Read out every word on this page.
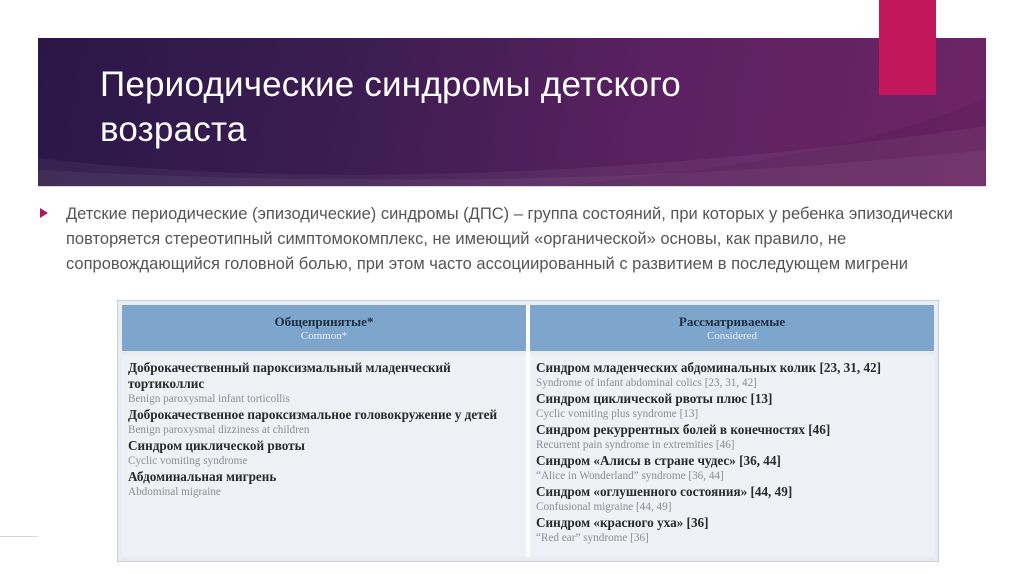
Периодические синдромы детского
возраста
Детские периодические (эпизодические) синдромы (ДПС) – группа состояний, при которых у ребенка эпизодически повторяется стереотипный симптомокомплекс, не имеющий «органической» основы, как правило, не сопровождающийся головной болью, при этом часто ассоциированный с развитием в последующем мигрени
Общепринятые*
Common*
Рассматриваемые
Considered
Доброкачественный пароксизмальный младенческий тортиколлис
Benign paroxysmal infant torticollis
Доброкачественное пароксизмальное головокружение у детей
Benign paroxysmal dizziness at children
Синдром циклической рвоты
Cyclic vomiting syndrome
Абдоминальная мигрень
Abdominal migraine
Синдром младенческих абдоминальных колик [23, 31, 42]
Syndrome of infant abdominal colics [23, 31, 42]
Синдром циклической рвоты плюс [13]
Cyclic vomiting plus syndrome [13]
Синдром рекуррентных болей в конечностях [46]
Recurrent pain syndrome in extremities [46]
Синдром «Алисы в стране чудес» [36, 44]
“Alice in Wonderland” syndrome [36, 44]
Синдром «оглушенного состояния» [44, 49]
Confusional migraine [44, 49]
Синдром «красного уха» [36]
“Red ear” syndrome [36]
